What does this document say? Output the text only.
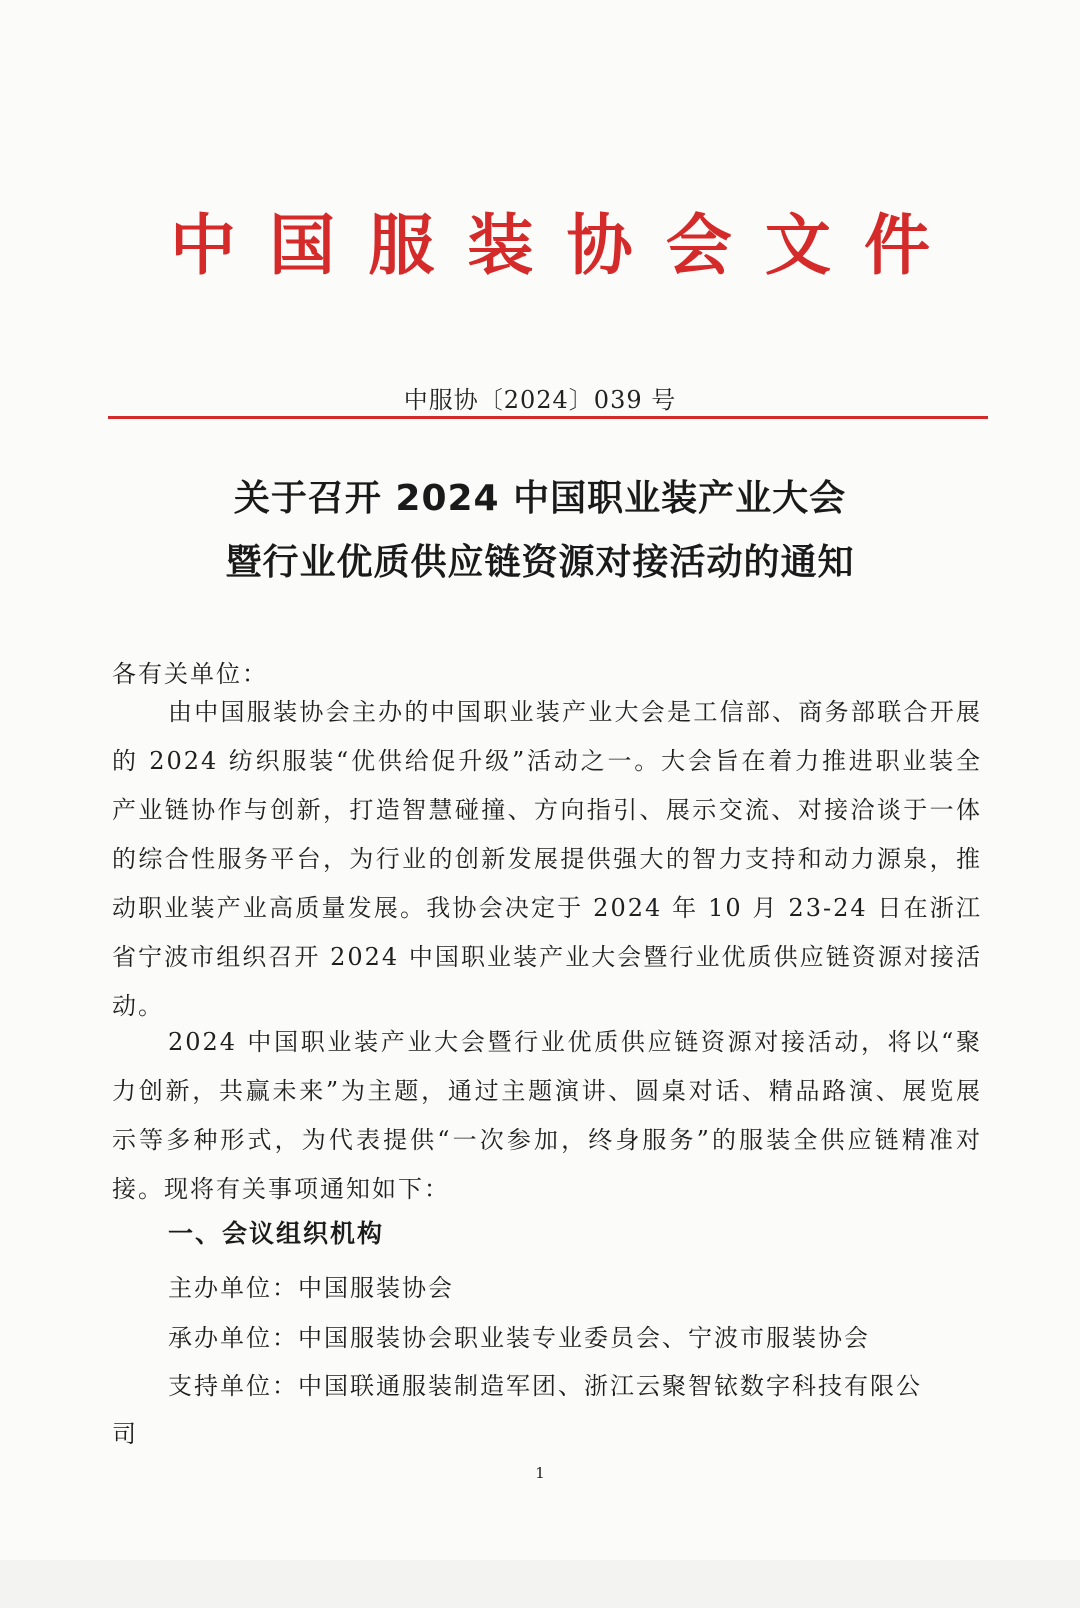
中 国 服 装 协 会 文 件
中服协〔2024〕039 号
关于召开 2024 中国职业装产业大会
暨行业优质供应链资源对接活动的通知
各有关单位：

由中国服装协会主办的中国职业装产业大会是工信部、商务部联合开展的 2024 纺织服装“优供给促升级”活动之一。大会旨在着力推进职业装全产业链协作与创新，打造智慧碰撞、方向指引、展示交流、对接洽谈于一体的综合性服务平台，为行业的创新发展提供强大的智力支持和动力源泉，推动职业装产业高质量发展。我协会决定于 2024 年 10 月 23-24 日在浙江省宁波市组织召开 2024 中国职业装产业大会暨行业优质供应链资源对接活动。

2024 中国职业装产业大会暨行业优质供应链资源对接活动，将以“聚力创新，共赢未来”为主题，通过主题演讲、圆桌对话、精品路演、展览展示等多种形式，为代表提供“一次参加，终身服务”的服装全供应链精准对接。现将有关事项通知如下：

一、会议组织机构
主办单位：中国服装协会
承办单位：中国服装协会职业装专业委员会、宁波市服装协会
支持单位：中国联通服装制造军团、浙江云聚智铱数字科技有限公
司
1
